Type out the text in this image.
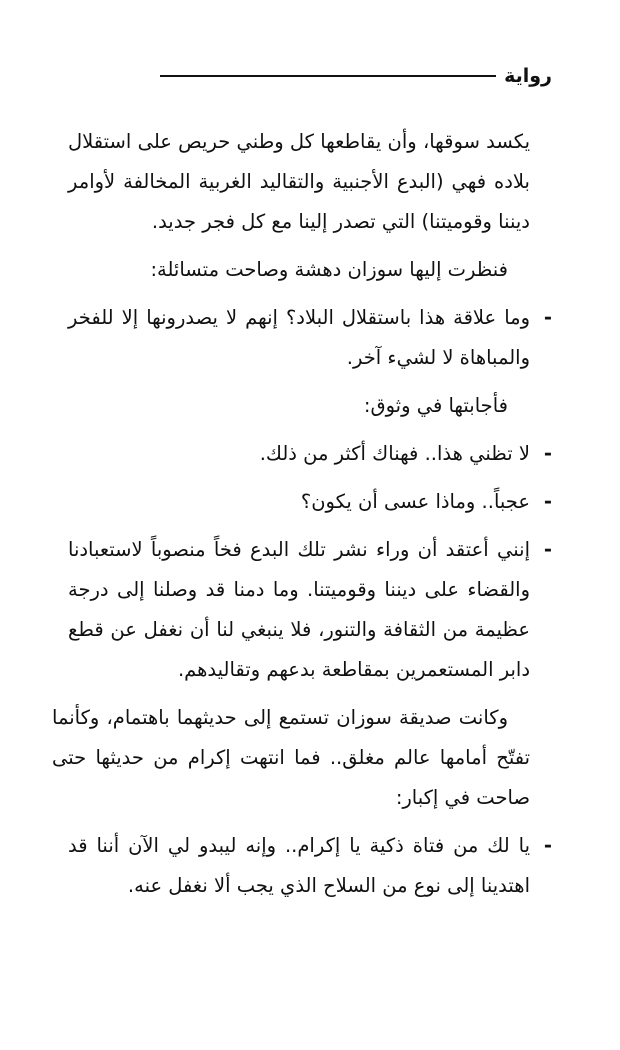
رواية

يكسد سوقها، وأن يقاطعها كل وطني حريص على استقلال بلاده فهي (البدع الأجنبية والتقاليد الغربية المخالفة لأوامر ديننا وقوميتنا) التي تصدر إلينا مع كل فجر جديد.

فنظرت إليها سوزان دهشة وصاحت متسائلة:

-
وما علاقة هذا باستقلال البلاد؟ إنهم لا يصدرونها إلا للفخر والمباهاة لا لشيء آخر.

فأجابتها في وثوق:

-
لا تظني هذا.. فهناك أكثر من ذلك.
-
عجباً.. وماذا عسى أن يكون؟
-
إنني أعتقد أن وراء نشر تلك البدع فخاً منصوباً لاستعبادنا والقضاء على ديننا وقوميتنا. وما دمنا قد وصلنا إلى درجة عظيمة من الثقافة والتنور، فلا ينبغي لنا أن نغفل عن قطع دابر المستعمرين بمقاطعة بدعهم وتقاليدهم.

وكانت صديقة سوزان تستمع إلى حديثهما باهتمام، وكأنما تفتّح أمامها عالم مغلق.. فما انتهت إكرام من حديثها حتى صاحت في إكبار:

-
يا لك من فتاة ذكية يا إكرام.. وإنه ليبدو لي الآن أننا قد اهتدينا إلى نوع من السلاح الذي يجب ألا نغفل عنه.
